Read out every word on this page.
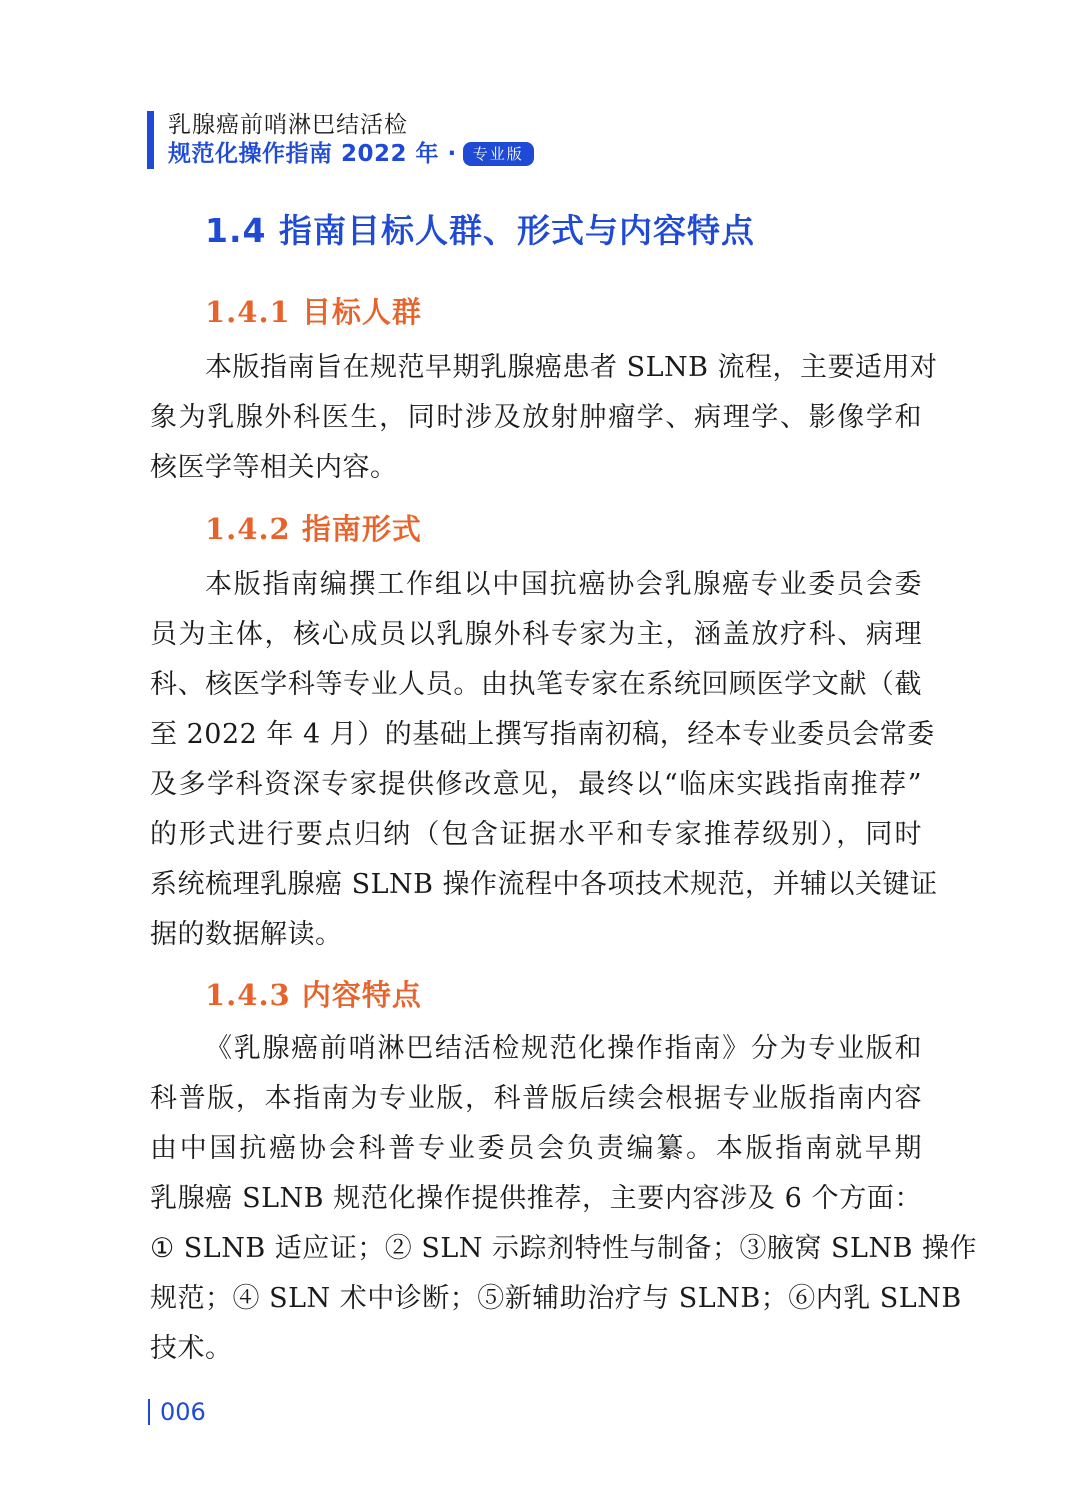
乳腺癌前哨淋巴结活检
规范化操作指南 2022 年 ·	专业版
1.4 指南目标人群、形式与内容特点
1.4.1 目标人群
本版指南旨在规范早期乳腺癌患者 SLNB 流程，主要适用对
象为乳腺外科医生，同时涉及放射肿瘤学、病理学、影像学和
核医学等相关内容。
1.4.2 指南形式
本版指南编撰工作组以中国抗癌协会乳腺癌专业委员会委
员为主体，核心成员以乳腺外科专家为主，涵盖放疗科、病理
科、核医学科等专业人员。由执笔专家在系统回顾医学文献（截
至 2022 年 4 月）的基础上撰写指南初稿，经本专业委员会常委
及多学科资深专家提供修改意见，最终以“临床实践指南推荐”
的形式进行要点归纳（包含证据水平和专家推荐级别），同时
系统梳理乳腺癌 SLNB 操作流程中各项技术规范，并辅以关键证
据的数据解读。
1.4.3 内容特点
《乳腺癌前哨淋巴结活检规范化操作指南》分为专业版和
科普版，本指南为专业版，科普版后续会根据专业版指南内容
由中国抗癌协会科普专业委员会负责编纂。本版指南就早期
乳腺癌 SLNB 规范化操作提供推荐，主要内容涉及 6 个方面：
① SLNB 适应证；② SLN 示踪剂特性与制备；③腋窝 SLNB 操作
规范；④ SLN 术中诊断；⑤新辅助治疗与 SLNB；⑥内乳 SLNB
技术。
006
